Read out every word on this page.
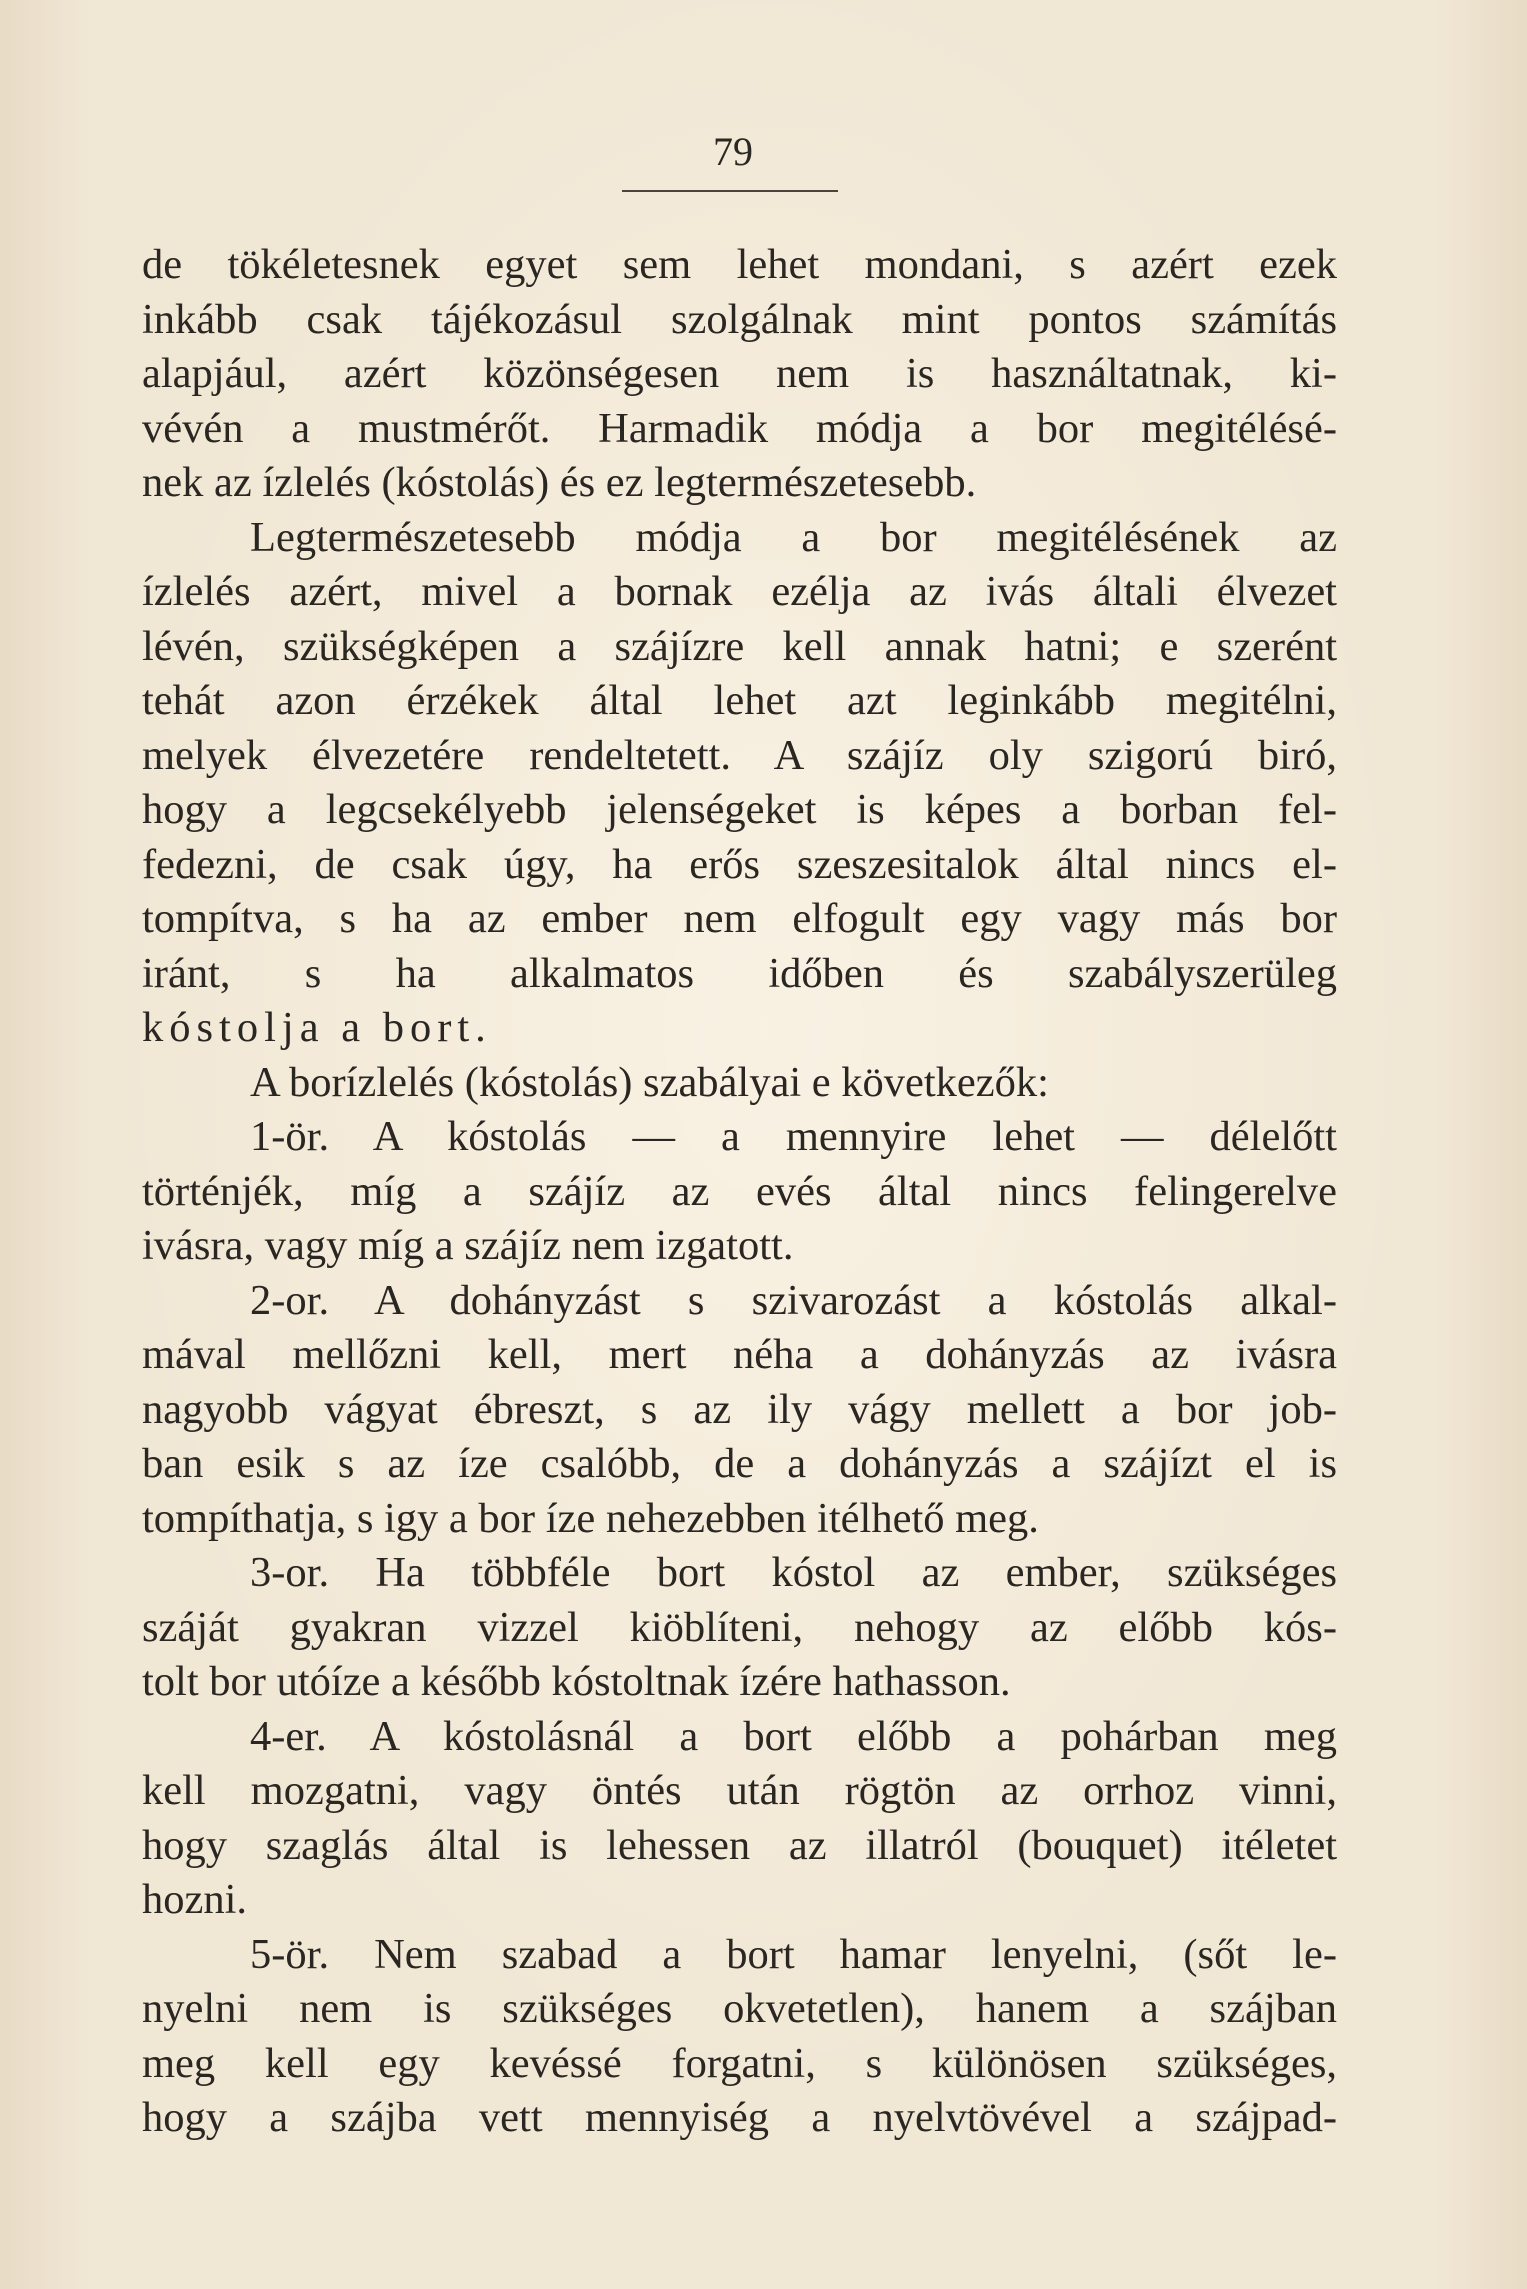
79
de tökéletesnek egyet sem lehet mondani, s azért ezek
inkább csak tájékozásul szolgálnak mint pontos számítás
alapjául, azért közönségesen nem is használtatnak, ki-
vévén a mustmérőt. Harmadik módja a bor megitélésé-
nek az ízlelés (kóstolás) és ez legtermészetesebb.
Legtermészetesebb módja a bor megitélésének az
ízlelés azért, mivel a bornak ezélja az ivás általi élvezet
lévén, szükségképen a szájízre kell annak hatni; e szerént
tehát azon érzékek által lehet azt leginkább megitélni,
melyek élvezetére rendeltetett. A szájíz oly szigorú biró,
hogy a legcsekélyebb jelenségeket is képes a borban fel-
fedezni, de csak úgy, ha erős szeszesitalok által nincs el-
tompítva, s ha az ember nem elfogult egy vagy más bor
iránt, s ha alkalmatos időben és szabályszerüleg
kóstolja a bort.
A borízlelés (kóstolás) szabályai e következők:
1-ör. A kóstolás — a mennyire lehet — délelőtt
történjék, míg a szájíz az evés által nincs felingerelve
ivásra, vagy míg a szájíz nem izgatott.
2-or. A dohányzást s szivarozást a kóstolás alkal-
mával mellőzni kell, mert néha a dohányzás az ivásra
nagyobb vágyat ébreszt, s az ily vágy mellett a bor job-
ban esik s az íze csalóbb, de a dohányzás a szájízt el is
tompíthatja, s igy a bor íze nehezebben itélhető meg.
3-or. Ha többféle bort kóstol az ember, szükséges
száját gyakran vizzel kiöblíteni, nehogy az előbb kós-
tolt bor utóíze a később kóstoltnak ízére hathasson.
4-er. A kóstolásnál a bort előbb a pohárban meg
kell mozgatni, vagy öntés után rögtön az orrhoz vinni,
hogy szaglás által is lehessen az illatról (bouquet) itéletet
hozni.
5-ör. Nem szabad a bort hamar lenyelni, (sőt le-
nyelni nem is szükséges okvetetlen), hanem a szájban
meg kell egy kevéssé forgatni, s különösen szükséges,
hogy a szájba vett mennyiség a nyelvtövével a szájpad-
